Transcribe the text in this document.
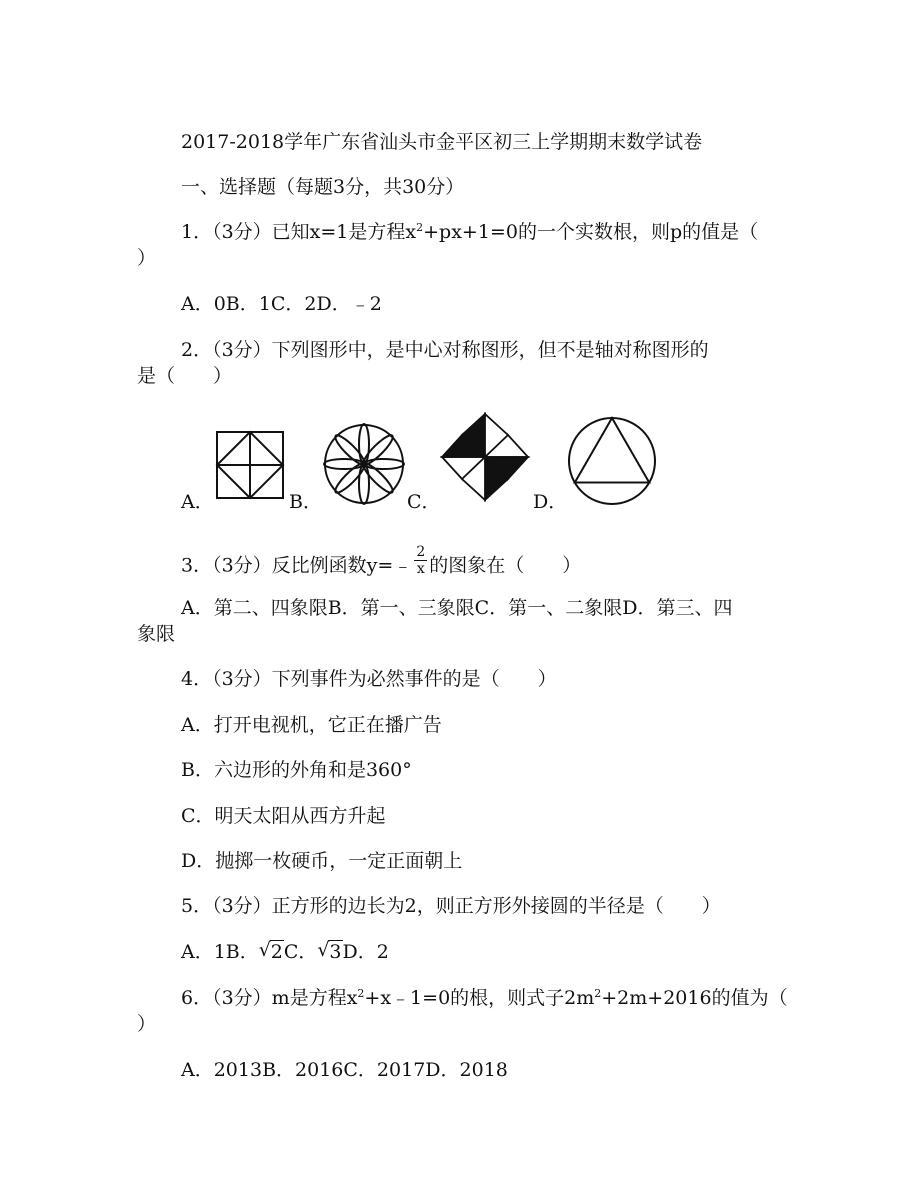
2017-2018学年广东省汕头市金平区初三上学期期末数学试卷
一、选择题（每题3分，共30分）
1．（3分）已知x=1是方程$x^2+px+1=0$的一个实数根，则p的值是（
）
A．0B．1C．2D．﹣2
2．（3分）下列图形中，是中心对称图形，但不是轴对称图形的
是（　　）
A．	B．	C．	D．
3．（3分）反比例函数y=﹣ $\frac{2}{x}$ 的图象在（　　）
A．第二、四象限B．第一、三象限C．第一、二象限D．第三、四
象限
4．（3分）下列事件为必然事件的是（　　）
A．打开电视机，它正在播广告
B．六边形的外角和是360°
C．明天太阳从西方升起
D．抛掷一枚硬币，一定正面朝上
5．（3分）正方形的边长为2，则正方形外接圆的半径是（　　）
A．1B． √ 2C． √ 3D．2
6．（3分）m是方程$x^2+x﹣1=0$的根，则式子$2m^2+2m+2016$的值为（
）
A．2013B．2016C．2017D．2018
